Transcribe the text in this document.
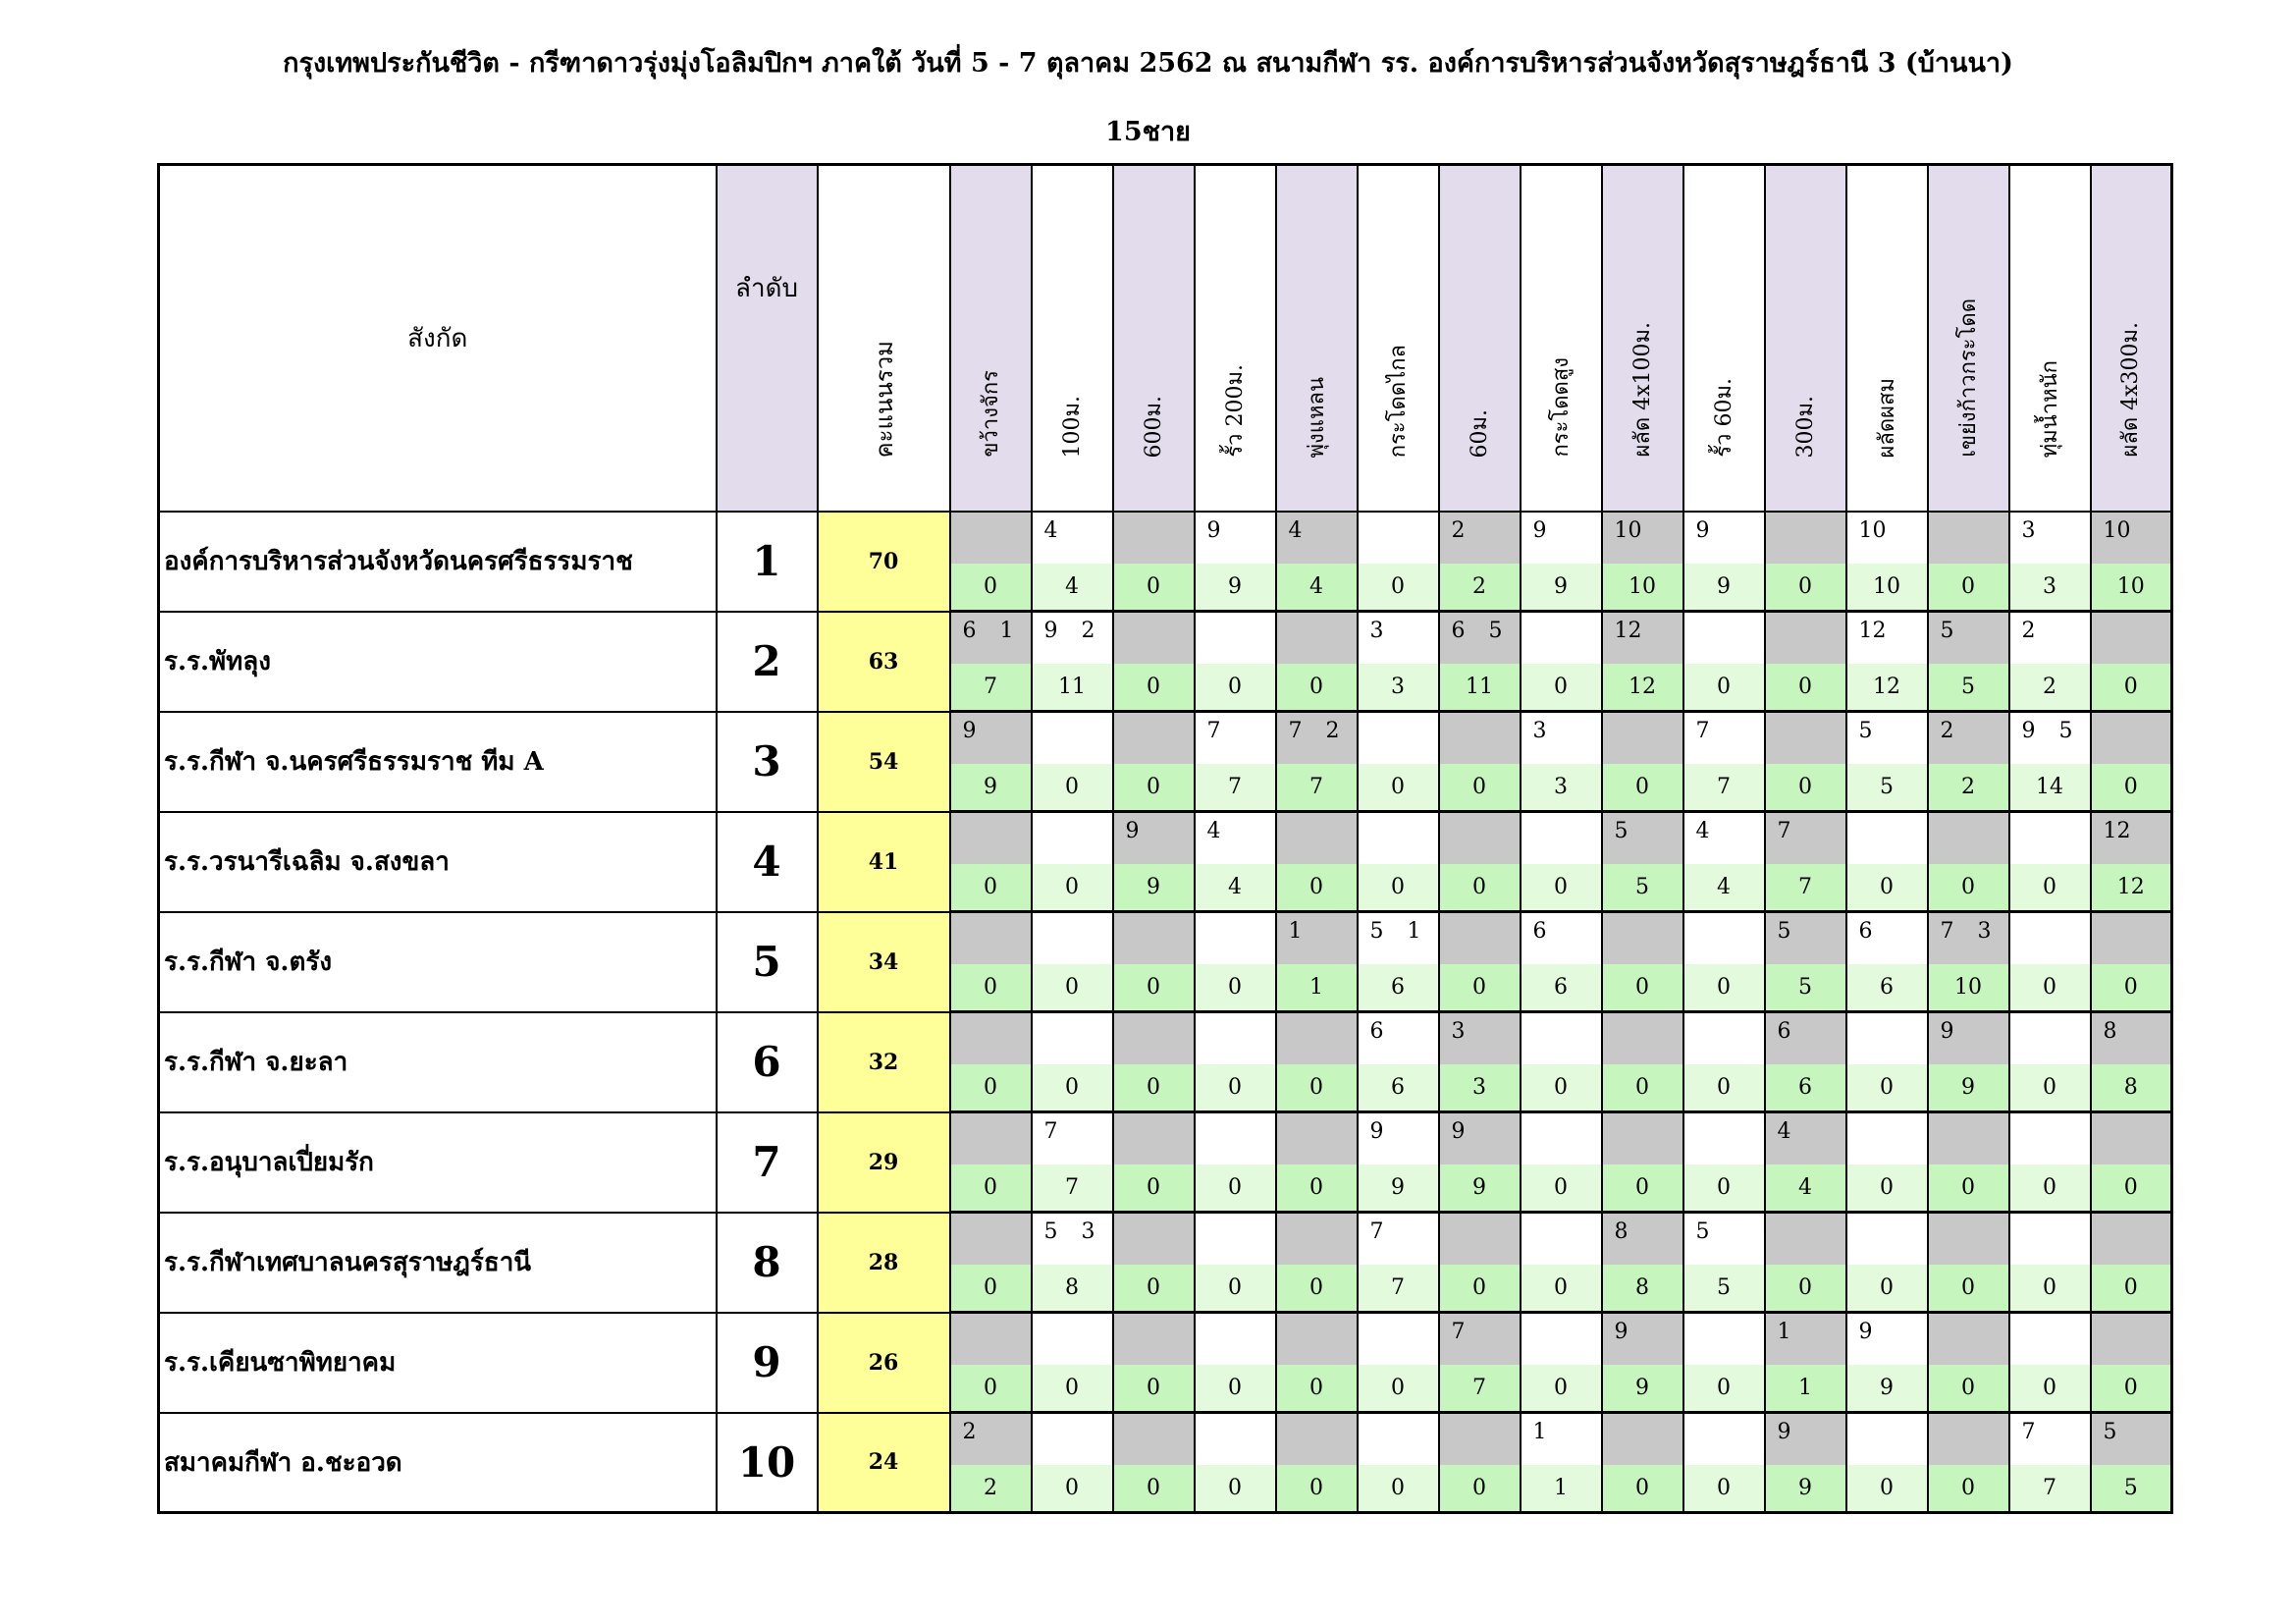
กรุงเทพประกันชีวิต - กรีฑาดาวรุ่งมุ่งโอลิมปิกฯ ภาคใต้ วันที่ 5 - 7 ตุลาคม 2562 ณ สนามกีฬา รร. องค์การบริหารส่วนจังหวัดสุราษฎร์ธานี 3 (บ้านนา)
15ชาย
สังกัด	ลำดับ	คะแนนรวม	ขว้างจักร	100ม.	600ม.	รั้ว 200ม.	พุ่งแหลน	กระโดดไกล	60ม.	กระโดดสูง	ผลัด 4x100ม.	รั้ว 60ม.	300ม.	ผลัดผสม	เขย่งก้าวกระโดด	ทุ่มน้ำหนัก	ผลัด 4x300ม.

องค์การบริหารส่วนจังหวัดนครศรีธรรมราช	1	70		4		9	4		2	9	10	9		10		3	10
			0	4	0	9	4	0	2	9	10	9	0	10	0	3	10
ร.ร.พัทลุง	2	63	6 1	9 2				3	6 5		12			12	5	2	
			7	11	0	0	0	3	11	0	12	0	0	12	5	2	0
ร.ร.กีฬา จ.นครศรีธรรมราช ทีม A	3	54	9			7	7 2			3		7		5	2	9 5	
			9	0	0	7	7	0	0	3	0	7	0	5	2	14	0
ร.ร.วรนารีเฉลิม จ.สงขลา	4	41			9	4					5	4	7				12
			0	0	9	4	0	0	0	0	5	4	7	0	0	0	12
ร.ร.กีฬา จ.ตรัง	5	34					1	5 1		6			5	6	7 3		
			0	0	0	0	1	6	0	6	0	0	5	6	10	0	0
ร.ร.กีฬา จ.ยะลา	6	32						6	3				6		9		8
			0	0	0	0	0	6	3	0	0	0	6	0	9	0	8
ร.ร.อนุบาลเปี่ยมรัก	7	29		7				9	9				4				
			0	7	0	0	0	9	9	0	0	0	4	0	0	0	0
ร.ร.กีฬาเทศบาลนครสุราษฎร์ธานี	8	28		5 3				7			8	5					
			0	8	0	0	0	7	0	0	8	5	0	0	0	0	0
ร.ร.เคียนซาพิทยาคม	9	26							7		9		1	9			
			0	0	0	0	0	0	7	0	9	0	1	9	0	0	0
สมาคมกีฬา อ.ชะอวด	10	24	2							1			9			7	5
			2	0	0	0	0	0	0	1	0	0	9	0	0	7	5
